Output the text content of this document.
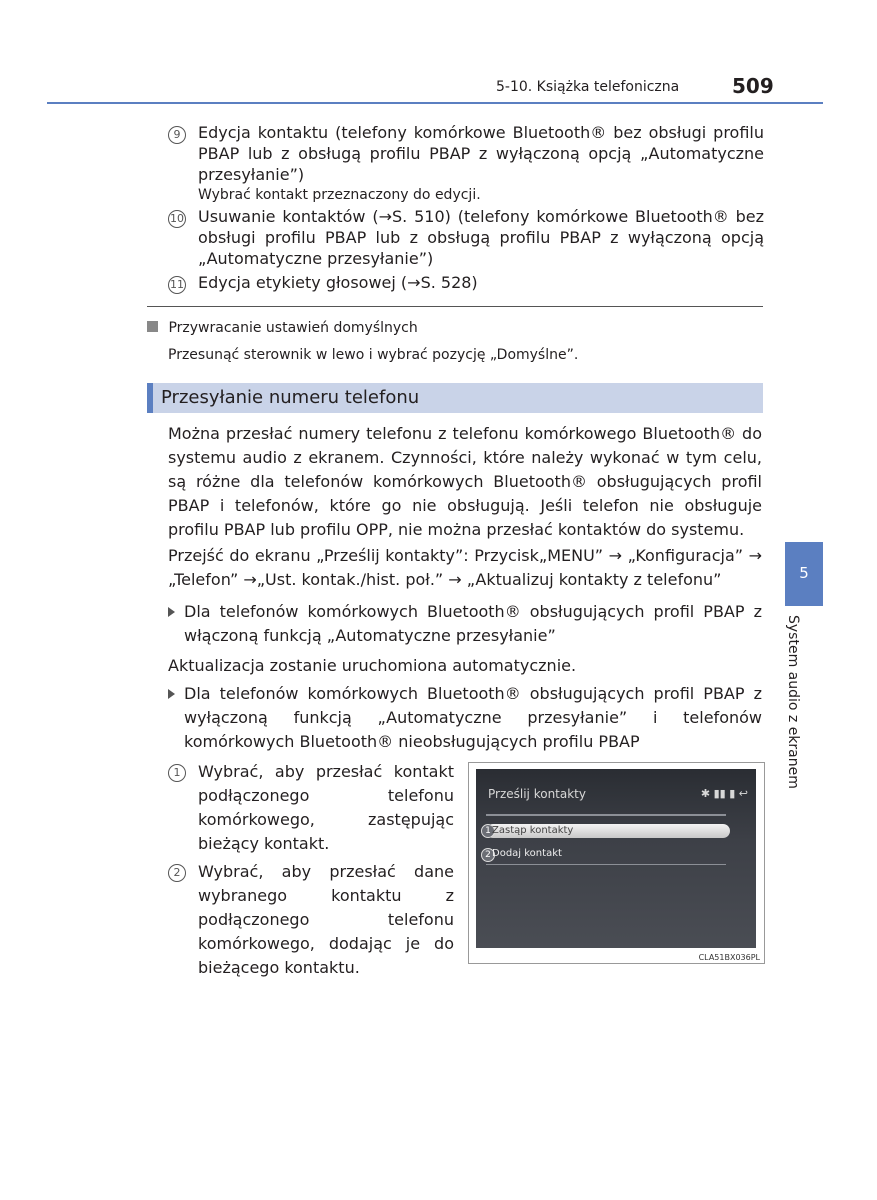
5-10. Książka telefoniczna	509
9	Edycja kontaktu (telefony komórkowe Bluetooth® bez obsługi profilu PBAP lub z obsługą profilu PBAP z wyłączoną opcją „Automatyczne przesyłanie”)
Wybrać kontakt przeznaczony do edycji.
10 Usuwanie kontaktów (→S. 510) (telefony komórkowe Bluetooth® bez obsługi profilu PBAP lub z obsługą profilu PBAP z wyłączoną opcją „Automatyczne przesyłanie”)
11 Edycja etykiety głosowej (→S. 528)
Przywracanie ustawień domyślnych
Przesunąć sterownik w lewo i wybrać pozycję „Domyślne”.
Przesyłanie numeru telefonu
Można przesłać numery telefonu z telefonu komórkowego Bluetooth® do systemu audio z ekranem. Czynności, które należy wykonać w tym celu, są różne dla telefonów komórkowych Bluetooth® obsługujących profil PBAP i telefonów, które go nie obsługują. Jeśli telefon nie obsługuje profilu PBAP lub profilu OPP, nie można przesłać kontaktów do systemu.
Przejść do ekranu „Prześlij kontakty”: Przycisk„MENU” → „Konfiguracja” → „Telefon” →„Ust. kontak./hist. poł.” → „Aktualizuj kontakty z telefonu”
Dla telefonów komórkowych Bluetooth® obsługujących profil PBAP z włączoną funkcją „Automatyczne przesyłanie”
Aktualizacja zostanie uruchomiona automatycznie.
Dla telefonów komórkowych Bluetooth® obsługujących profil PBAP z wyłączoną funkcją „Automatyczne przesyłanie” i telefonów komórkowych Bluetooth® nieobsługujących profilu PBAP
1	Wybrać, aby przesłać kontakt podłączonego telefonu komórkowego, zastępując bieżący kontakt.
2	Wybrać, aby przesłać dane wybranego kontaktu z podłączonego telefonu komórkowego, dodając je do bieżącego kontaktu.
Prześlij kontakty	✱ ▮▮ ▮ ↩
1 Zastąp kontakty
2 Dodaj kontakt
CLA51BX036PL
5
System audio z ekranem
